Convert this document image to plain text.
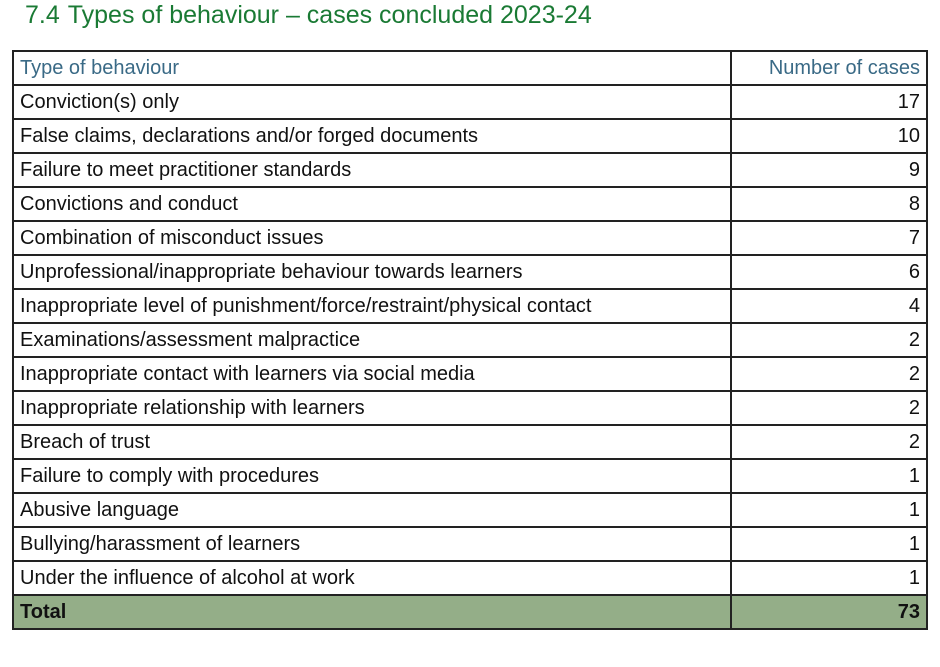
7.4 Types of behaviour – cases concluded 2023-24
Type of behaviour	Number of cases
Conviction(s) only	17
False claims, declarations and/or forged documents	10
Failure to meet practitioner standards	9
Convictions and conduct	8
Combination of misconduct issues	7
Unprofessional/inappropriate behaviour towards learners	6
Inappropriate level of punishment/force/restraint/physical contact	4
Examinations/assessment malpractice	2
Inappropriate contact with learners via social media	2
Inappropriate relationship with learners	2
Breach of trust	2
Failure to comply with procedures	1
Abusive language	1
Bullying/harassment of learners	1
Under the influence of alcohol at work	1
Total	73
